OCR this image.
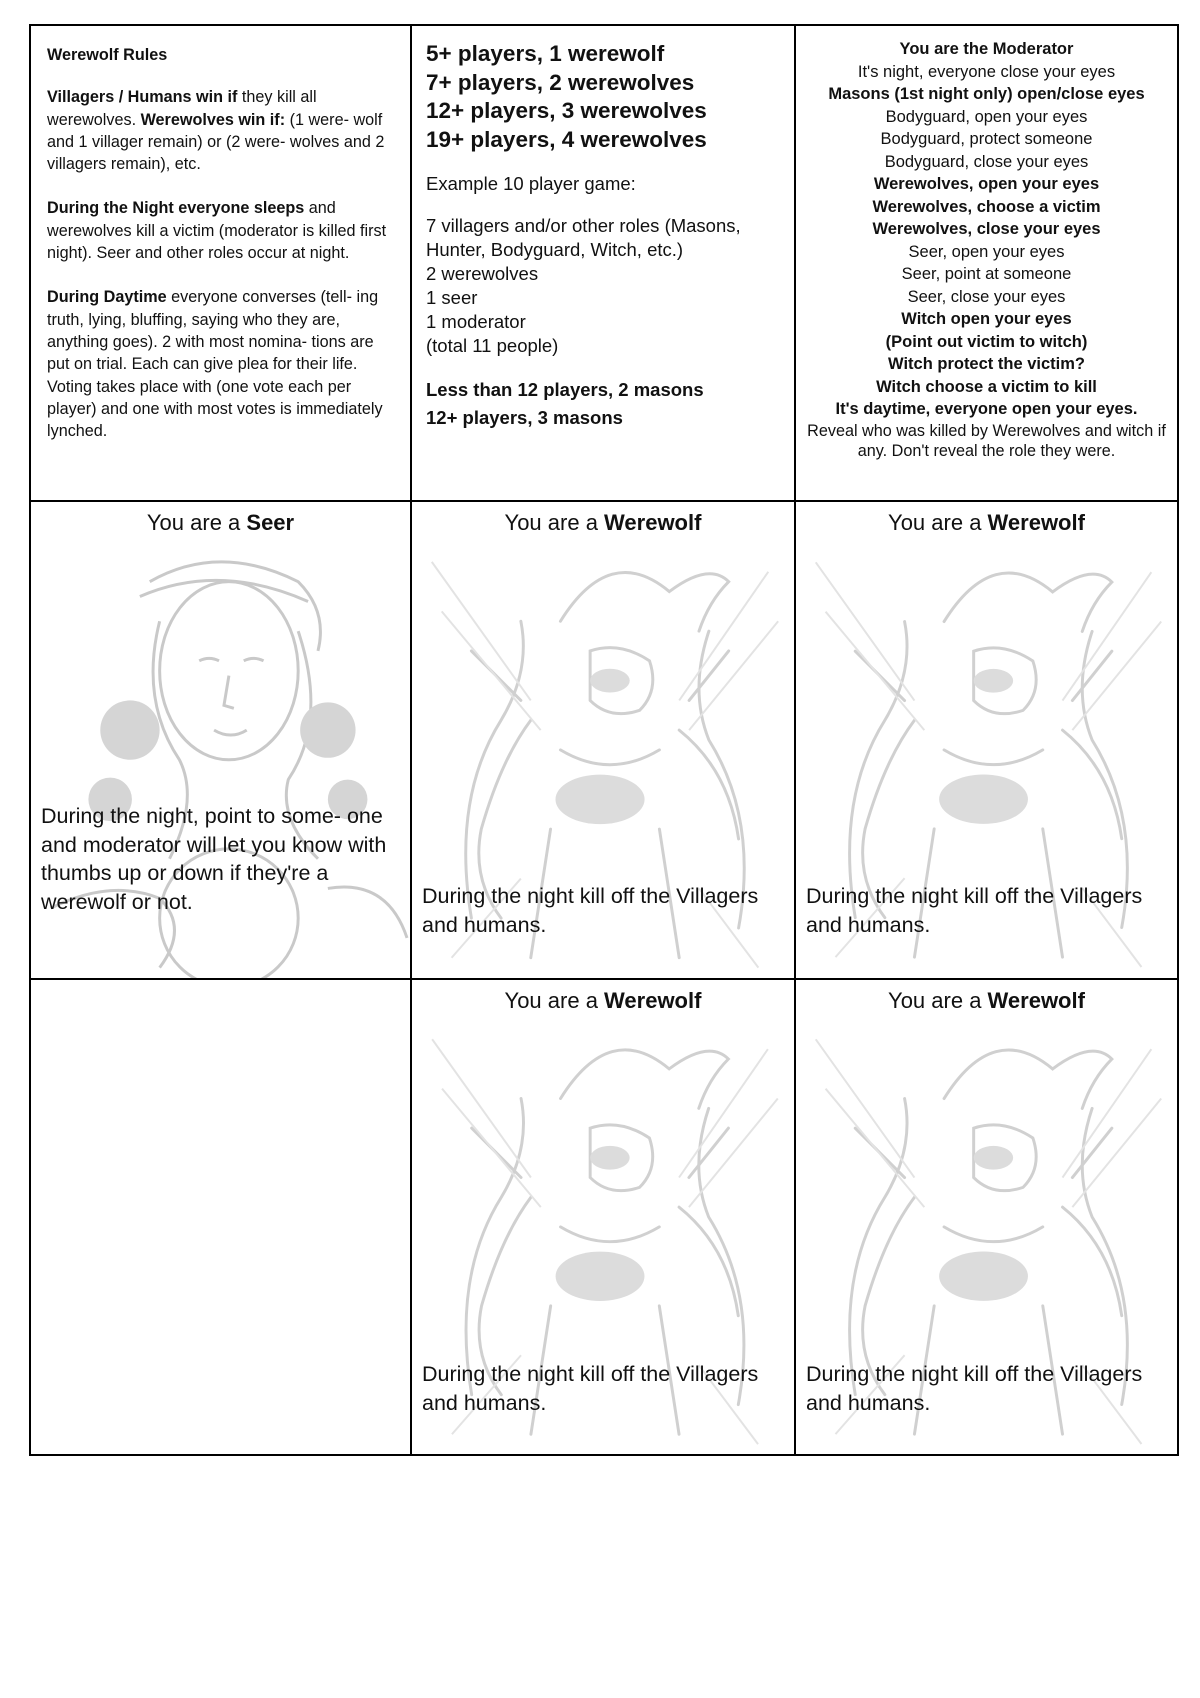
Werewolf Rules

Villagers / Humans win if they kill all werewolves. Werewolves win if: (1 were- wolf and 1 villager remain) or (2 were- wolves and 2 villagers remain), etc.

During the Night everyone sleeps and werewolves kill a victim (moderator is killed first night). Seer and other roles occur at night.

During Daytime everyone converses (tell- ing truth, lying, bluffing, saying who they are, anything goes). 2 with most nomina- tions are put on trial. Each can give plea for their life. Voting takes place with (one vote each per player) and one with most votes is immediately lynched.

5+ players, 1 werewolf
7+ players, 2 werewolves
12+ players, 3 werewolves
19+ players, 4 werewolves
Example 10 player game:
7 villagers and/or other roles (Masons, Hunter, Bodyguard, Witch, etc.)
2 werewolves
1 seer
1 moderator
(total 11 people)
Less than 12 players, 2 masons
12+ players, 3 masons
You are the Moderator
It's night, everyone close your eyes
Masons (1st night only) open/close eyes
Bodyguard, open your eyes
Bodyguard, protect someone
Bodyguard, close your eyes
Werewolves, open your eyes
Werewolves, choose a victim
Werewolves, close your eyes
Seer, open your eyes
Seer, point at someone
Seer, close your eyes
Witch open your eyes
(Point out victim to witch)
Witch protect the victim?
Witch choose a victim to kill
It's daytime, everyone open your eyes.
Reveal who was killed by Werewolves and witch if any. Don't reveal the role they were.
You are a Seer
During the night, point to some- one and moderator will let you know with thumbs up or down if they're a werewolf or not.
You are a Werewolf
During the night kill off the Villagers and humans.
You are a Werewolf
During the night kill off the Villagers and humans.
You are a Werewolf
During the night kill off the Villagers and humans.
You are a Werewolf
During the night kill off the Villagers and humans.
